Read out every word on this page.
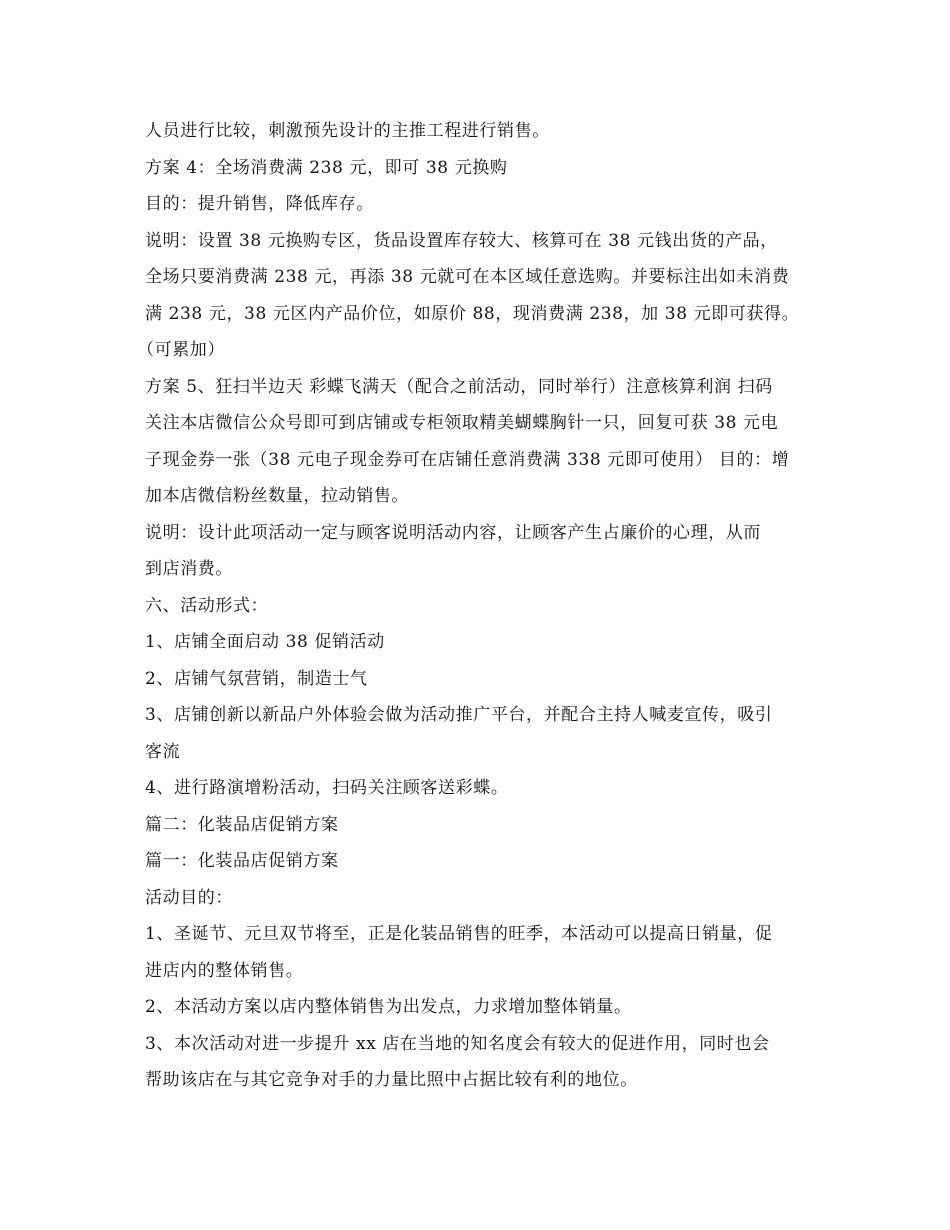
人员进行比较，刺激预先设计的主推工程进行销售。
方案 4：全场消费满 238 元，即可 38 元换购
目的：提升销售，降低库存。
说明：设置 38 元换购专区，货品设置库存较大、核算可在 38 元钱出货的产品，
全场只要消费满 238 元，再添 38 元就可在本区域任意选购。并要标注出如未消费
满 238 元，38 元区内产品价位，如原价 88，现消费满 238，加 38 元即可获得。
（可累加）
方案 5、狂扫半边天 彩蝶飞满天（配合之前活动，同时举行）注意核算利润 扫码
关注本店微信公众号即可到店铺或专柜领取精美蝴蝶胸针一只，回复可获 38 元电
子现金券一张（38 元电子现金券可在店铺任意消费满 338 元即可使用） 目的：增
加本店微信粉丝数量，拉动销售。
说明：设计此项活动一定与顾客说明活动内容，让顾客产生占廉价的心理，从而
到店消费。
六、活动形式：
1、店铺全面启动 38 促销活动
2、店铺气氛营销，制造士气
3、店铺创新以新品户外体验会做为活动推广平台，并配合主持人喊麦宣传，吸引
客流
4、进行路演增粉活动，扫码关注顾客送彩蝶。
篇二：化装品店促销方案
篇一：化装品店促销方案
活动目的：
1、圣诞节、元旦双节将至，正是化装品销售的旺季，本活动可以提高日销量，促
进店内的整体销售。
2、本活动方案以店内整体销售为出发点，力求增加整体销量。
3、本次活动对进一步提升 xx 店在当地的知名度会有较大的促进作用，同时也会
帮助该店在与其它竞争对手的力量比照中占据比较有利的地位。
